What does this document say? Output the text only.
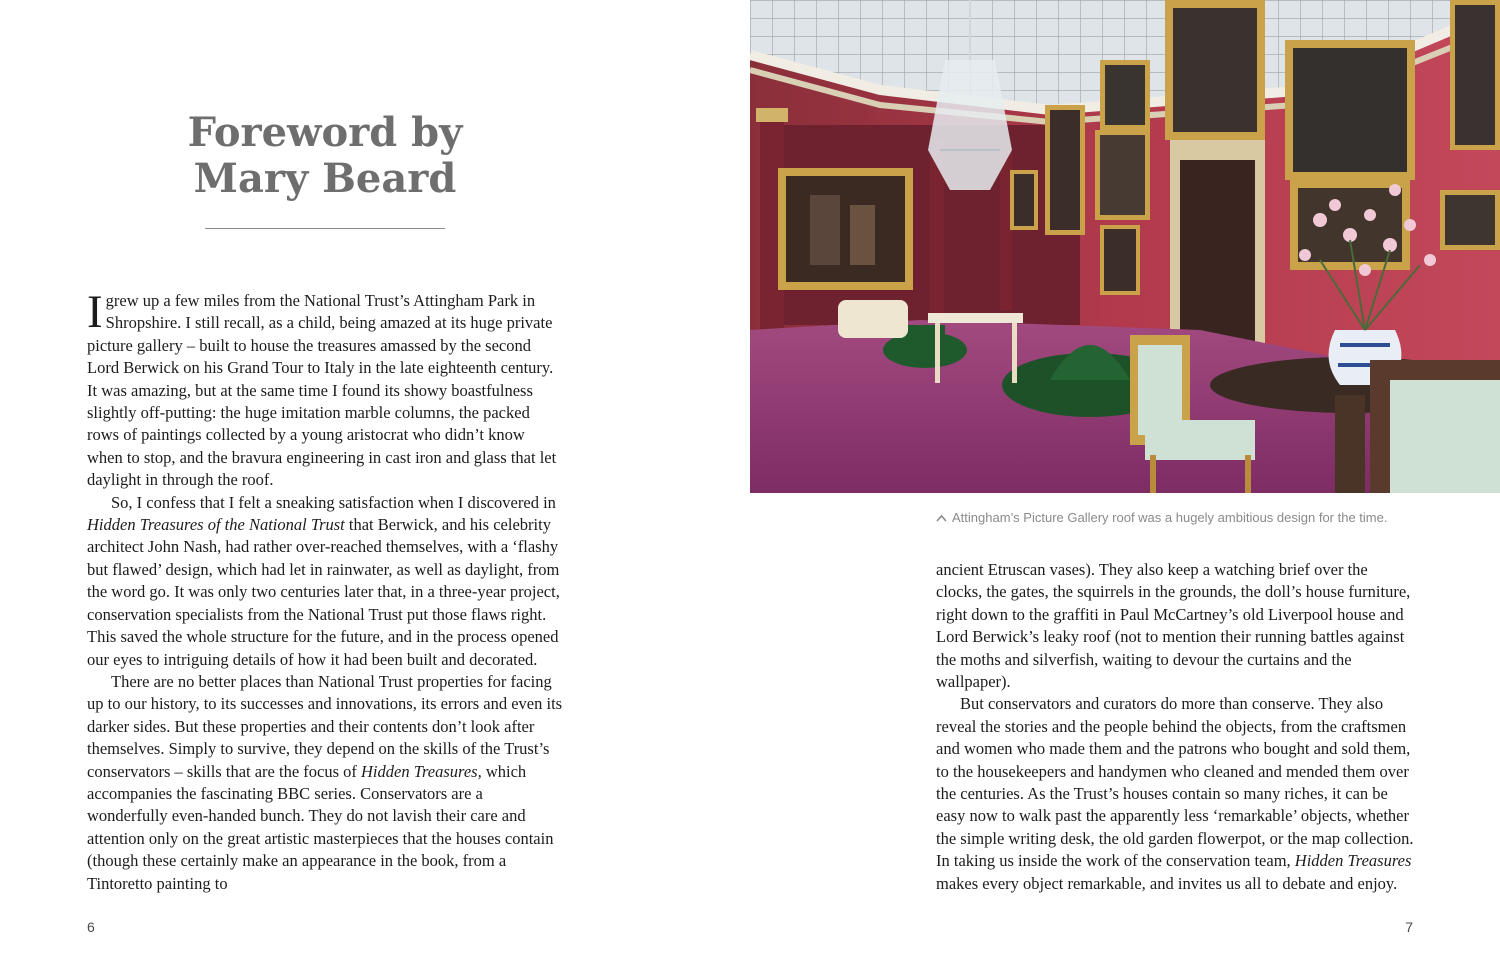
Foreword by
Mary Beard

Igrew up a few miles from the National Trust’s Attingham Park in Shropshire. I still recall, as a child, being amazed at its huge private picture gallery – built to house the treasures amassed by the second Lord Berwick on his Grand Tour to Italy in the late eighteenth century. It was amazing, but at the same time I found its showy boastfulness slightly off-putting: the huge imitation marble columns, the packed rows of paintings collected by a young aristocrat who didn’t know when to stop, and the bravura engineering in cast iron and glass that let daylight in through the roof.

So, I confess that I felt a sneaking satisfaction when I discovered in Hidden Treasures of the National Trust that Berwick, and his celebrity architect John Nash, had rather over-reached themselves, with a ‘flashy but flawed’ design, which had let in rainwater, as well as daylight, from the word go. It was only two centuries later that, in a three-year project, conservation specialists from the National Trust put those flaws right. This saved the whole structure for the future, and in the process opened our eyes to intriguing details of how it had been built and decorated.

There are no better places than National Trust properties for facing up to our history, to its successes and innovations, its errors and even its darker sides. But these properties and their contents don’t look after themselves. Simply to survive, they depend on the skills of the Trust’s conservators – skills that are the focus of Hidden Treasures, which accompanies the fascinating BBC series. Conservators are a wonderfully even-handed bunch. They do not lavish their care and attention only on the great artistic masterpieces that the houses contain (though these certainly make an appearance in the book, from a Tintoretto painting to

6
Attingham’s Picture Gallery roof was a hugely ambitious design for the time.

ancient Etruscan vases). They also keep a watching brief over the clocks, the gates, the squirrels in the grounds, the doll’s house furniture, right down to the graffiti in Paul McCartney’s old Liverpool house and Lord Berwick’s leaky roof (not to mention their running battles against the moths and silverfish, waiting to devour the curtains and the wallpaper).

But conservators and curators do more than conserve. They also reveal the stories and the people behind the objects, from the craftsmen and women who made them and the patrons who bought and sold them, to the housekeepers and handymen who cleaned and mended them over the centuries. As the Trust’s houses contain so many riches, it can be easy now to walk past the apparently less ‘remarkable’ objects, whether the simple writing desk, the old garden flowerpot, or the map collection. In taking us inside the work of the conservation team, Hidden Treasures makes every object remarkable, and invites us all to debate and enjoy.

7
